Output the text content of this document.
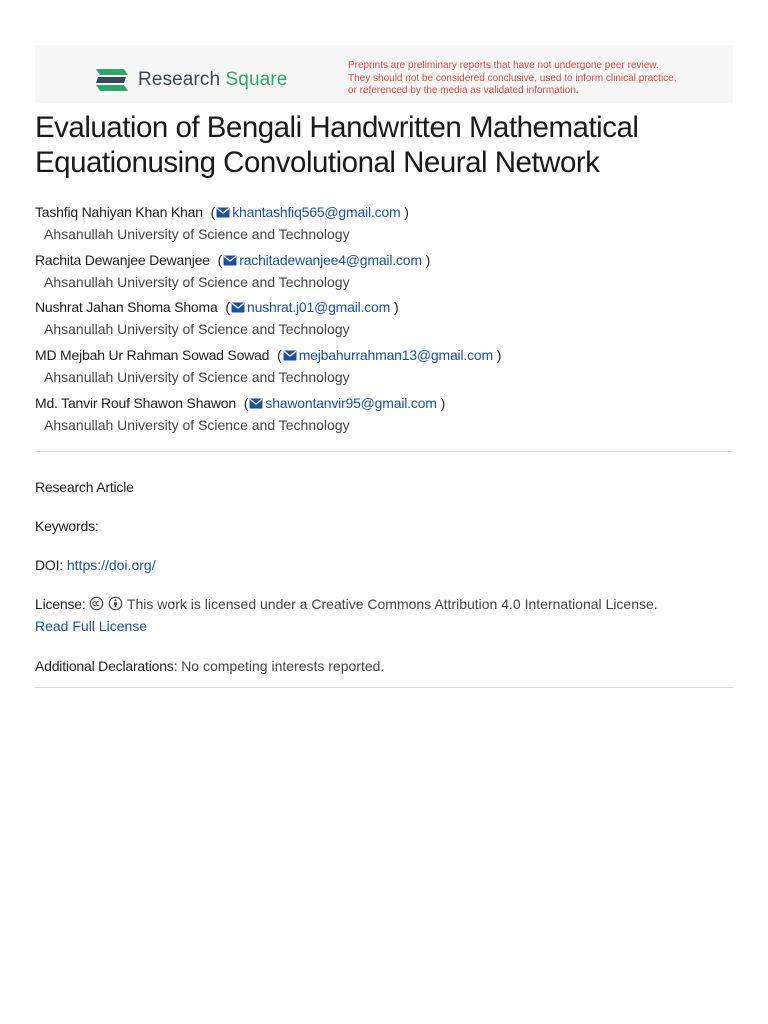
Research Square
Preprints are preliminary reports that have not undergone peer review.
They should not be considered conclusive, used to inform clinical practice,
or referenced by the media as validated information.
Evaluation of Bengali Handwritten Mathematical
Equationusing Convolutional Neural Network
Tashfiq Nahiyan Khan Khan ( khantashfiq565@gmail.com )
Ahsanullah University of Science and Technology
Rachita Dewanjee Dewanjee ( rachitadewanjee4@gmail.com )
Ahsanullah University of Science and Technology
Nushrat Jahan Shoma Shoma ( nushrat.j01@gmail.com )
Ahsanullah University of Science and Technology
MD Mejbah Ur Rahman Sowad Sowad ( mejbahurrahman13@gmail.com )
Ahsanullah University of Science and Technology
Md. Tanvir Rouf Shawon Shawon ( shawontanvir95@gmail.com )
Ahsanullah University of Science and Technology
Research Article
Keywords:
DOI: https://doi.org/
License:	This work is licensed under a Creative Commons Attribution 4.0 International License.
Read Full License
Additional Declarations: No competing interests reported.
